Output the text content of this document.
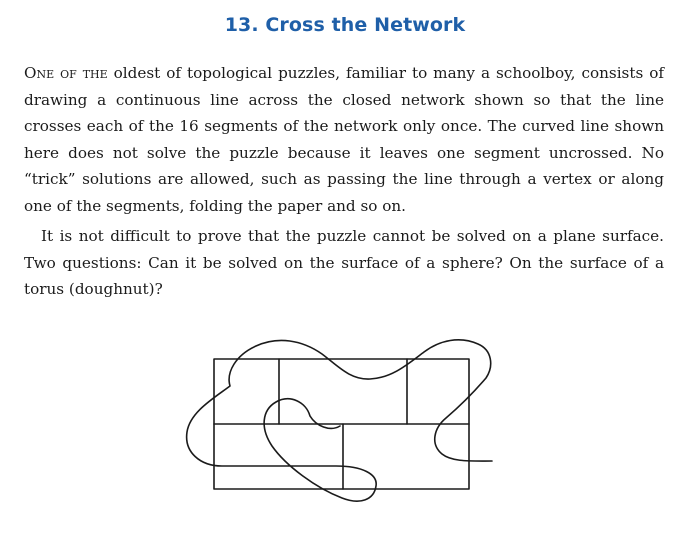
13. Cross the Network

One of the oldest of topological puzzles, familiar to many a schoolboy, consists of drawing a continuous line across the closed network shown so that the line crosses each of the 16 segments of the network only once. The curved line shown here does not solve the puzzle because it leaves one segment uncrossed. No “trick” solutions are allowed, such as passing the line through a vertex or along one of the segments, folding the paper and so on.

It is not difficult to prove that the puzzle cannot be solved on a plane surface. Two questions: Can it be solved on the surface of a sphere? On the surface of a torus (doughnut)?
